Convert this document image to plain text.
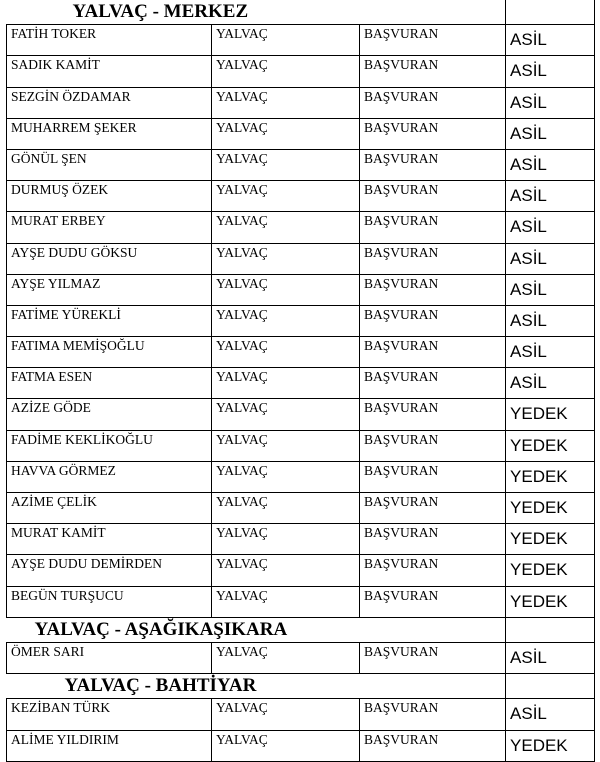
YALVAÇ - MERKEZ			
FATİH TOKER	YALVAÇ	BAŞVURAN	ASİL
SADIK KAMİT	YALVAÇ	BAŞVURAN	ASİL
SEZGİN ÖZDAMAR	YALVAÇ	BAŞVURAN	ASİL
MUHARREM ŞEKER	YALVAÇ	BAŞVURAN	ASİL
GÖNÜL ŞEN	YALVAÇ	BAŞVURAN	ASİL
DURMUŞ ÖZEK	YALVAÇ	BAŞVURAN	ASİL
MURAT ERBEY	YALVAÇ	BAŞVURAN	ASİL
AYŞE DUDU GÖKSU	YALVAÇ	BAŞVURAN	ASİL
AYŞE YILMAZ	YALVAÇ	BAŞVURAN	ASİL
FATİME YÜREKLİ	YALVAÇ	BAŞVURAN	ASİL
FATIMA MEMİŞOĞLU	YALVAÇ	BAŞVURAN	ASİL
FATMA ESEN	YALVAÇ	BAŞVURAN	ASİL
AZİZE GÖDE	YALVAÇ	BAŞVURAN	YEDEK
FADİME KEKLİKOĞLU	YALVAÇ	BAŞVURAN	YEDEK
HAVVA GÖRMEZ	YALVAÇ	BAŞVURAN	YEDEK
AZİME ÇELİK	YALVAÇ	BAŞVURAN	YEDEK
MURAT KAMİT	YALVAÇ	BAŞVURAN	YEDEK
AYŞE DUDU DEMİRDEN	YALVAÇ	BAŞVURAN	YEDEK
BEGÜN TURŞUCU	YALVAÇ	BAŞVURAN	YEDEK
YALVAÇ - AŞAĞIKAŞIKARA			
ÖMER SARI	YALVAÇ	BAŞVURAN	ASİL
YALVAÇ - BAHTİYAR			
KEZİBAN TÜRK	YALVAÇ	BAŞVURAN	ASİL
ALİME YILDIRIM	YALVAÇ	BAŞVURAN	YEDEK
